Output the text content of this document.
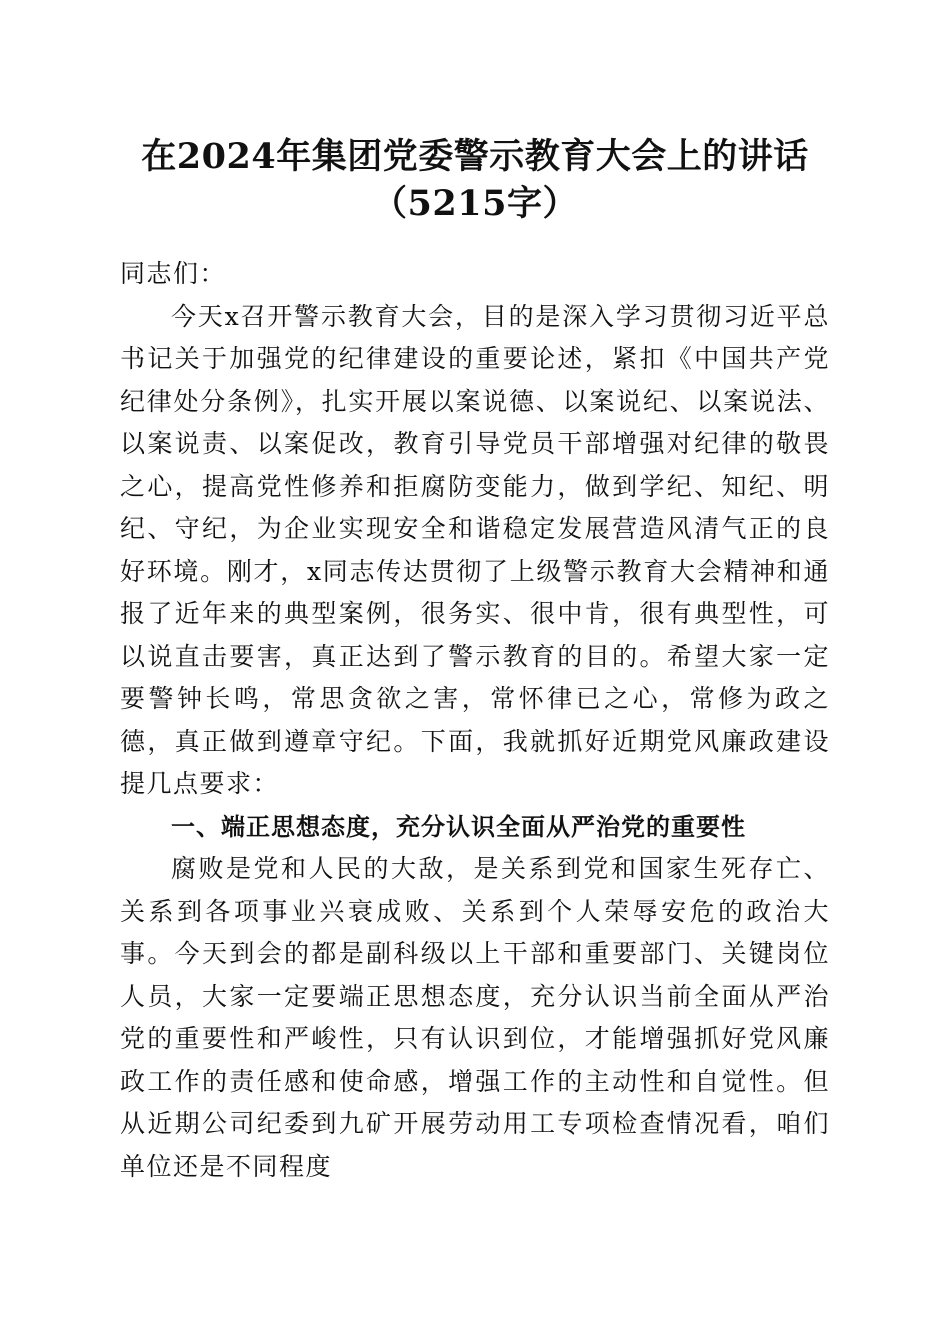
在2024年集团党委警示教育大会上的讲话
（5215字）

同志们：

今天x召开警示教育大会，目的是深入学习贯彻习近平总书记关于加强党的纪律建设的重要论述，紧扣《中国共产党纪律处分条例》，扎实开展以案说德、以案说纪、以案说法、以案说责、以案促改，教育引导党员干部增强对纪律的敬畏之心，提高党性修养和拒腐防变能力，做到学纪、知纪、明纪、守纪，为企业实现安全和谐稳定发展营造风清气正的良好环境。刚才，x同志传达贯彻了上级警示教育大会精神和通报了近年来的典型案例，很务实、很中肯，很有典型性，可以说直击要害，真正达到了警示教育的目的。希望大家一定要警钟长鸣，常思贪欲之害，常怀律已之心，常修为政之德，真正做到遵章守纪。下面，我就抓好近期党风廉政建设提几点要求：

一、端正思想态度，充分认识全面从严治党的重要性

腐败是党和人民的大敌，是关系到党和国家生死存亡、关系到各项事业兴衰成败、关系到个人荣辱安危的政治大事。今天到会的都是副科级以上干部和重要部门、关键岗位人员，大家一定要端正思想态度，充分认识当前全面从严治党的重要性和严峻性，只有认识到位，才能增强抓好党风廉政工作的责任感和使命感，增强工作的主动性和自觉性。但从近期公司纪委到九矿开展劳动用工专项检查情况看，咱们单位还是不同程度
